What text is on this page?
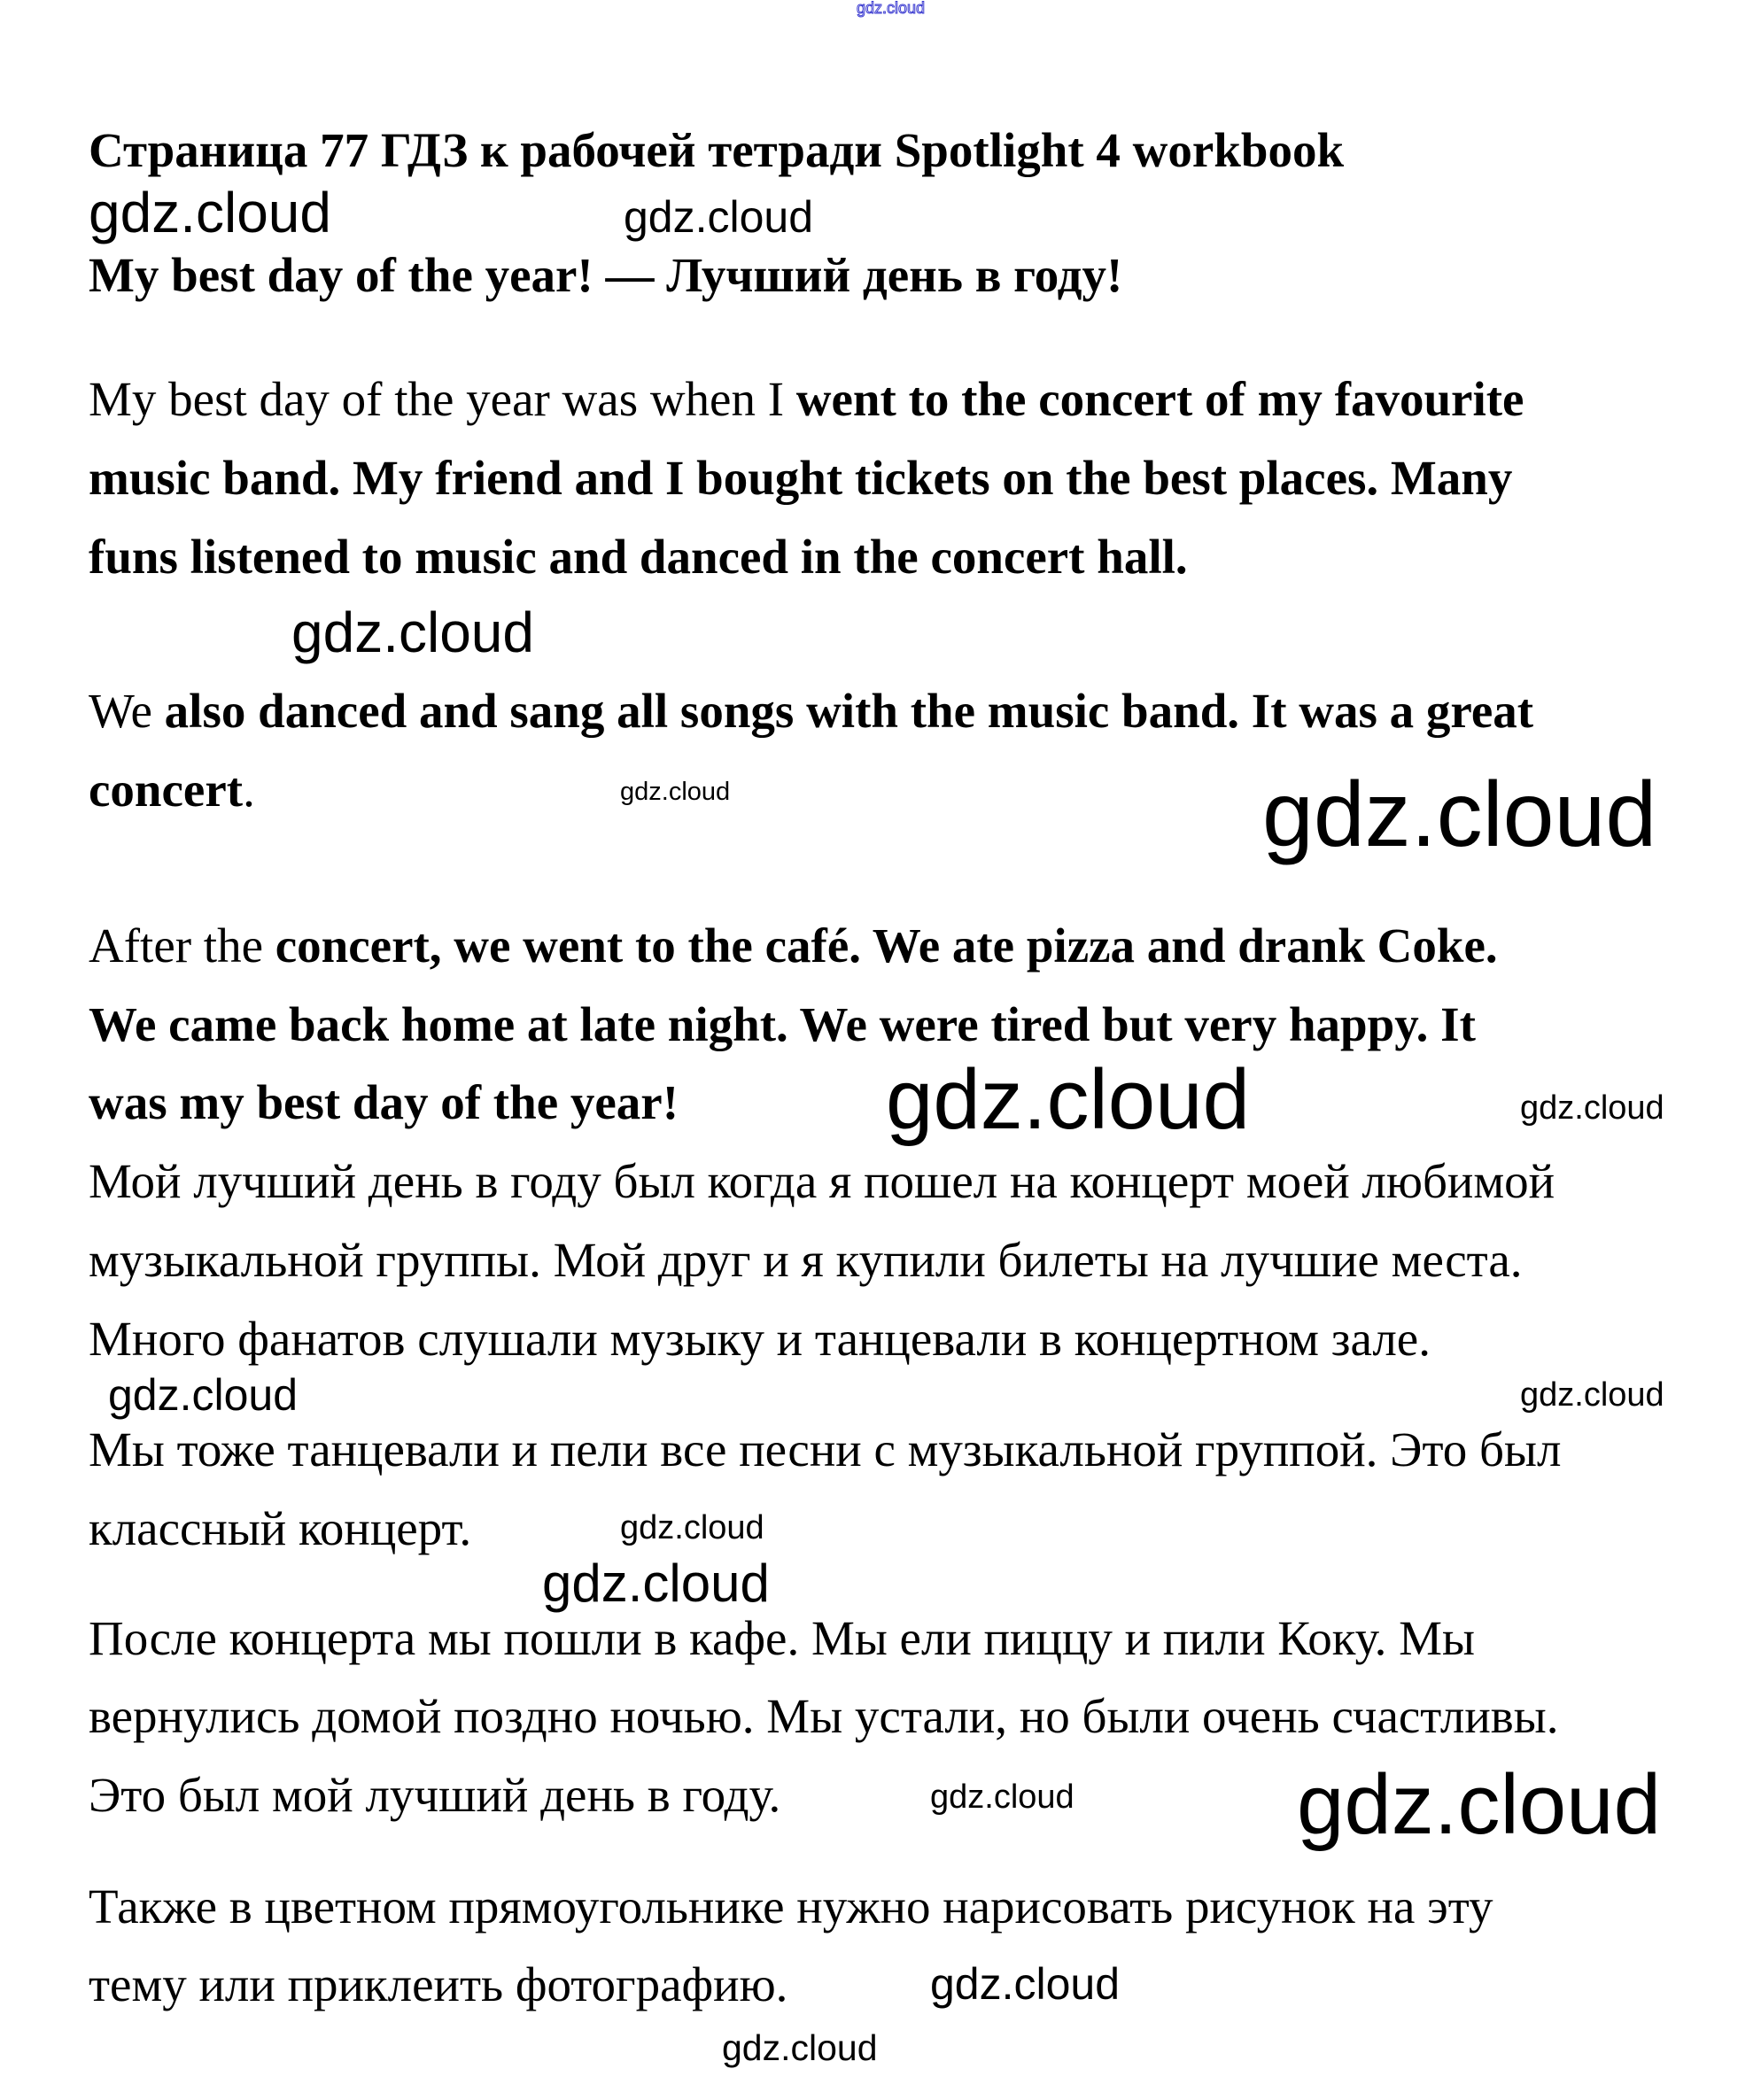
gdz.cloud
Страница 77 ГДЗ к рабочей тетради Spotlight 4 workbook
My best day of the year! — Лучший день в году!
My best day of the year was when I went to the concert of my favourite
music band. My friend and I bought tickets on the best places. Many
funs listened to music and danced in the concert hall.
We also danced and sang all songs with the music band. It was a great
concert.
After the concert, we went to the café. We ate pizza and drank Coke.
We came back home at late night. We were tired but very happy. It
was my best day of the year!
Мой лучший день в году был когда я пошел на концерт моей любимой
музыкальной группы. Мой друг и я купили билеты на лучшие места.
Много фанатов слушали музыку и танцевали в концертном зале.
Мы тоже танцевали и пели все песни с музыкальной группой. Это был
классный концерт.
После концерта мы пошли в кафе. Мы ели пиццу и пили Коку. Мы
вернулись домой поздно ночью. Мы устали, но были очень счастливы.
Это был мой лучший день в году.
Также в цветном прямоугольнике нужно нарисовать рисунок на эту
тему или приклеить фотографию.
gdz.cloud	gdz.cloud
gdz.cloud
gdz.cloud	gdz.cloud
gdz.cloud	gdz.cloud
gdz.cloud	gdz.cloud
gdz.cloud
gdz.cloud
gdz.cloud	gdz.cloud
gdz.cloud
gdz.cloud
